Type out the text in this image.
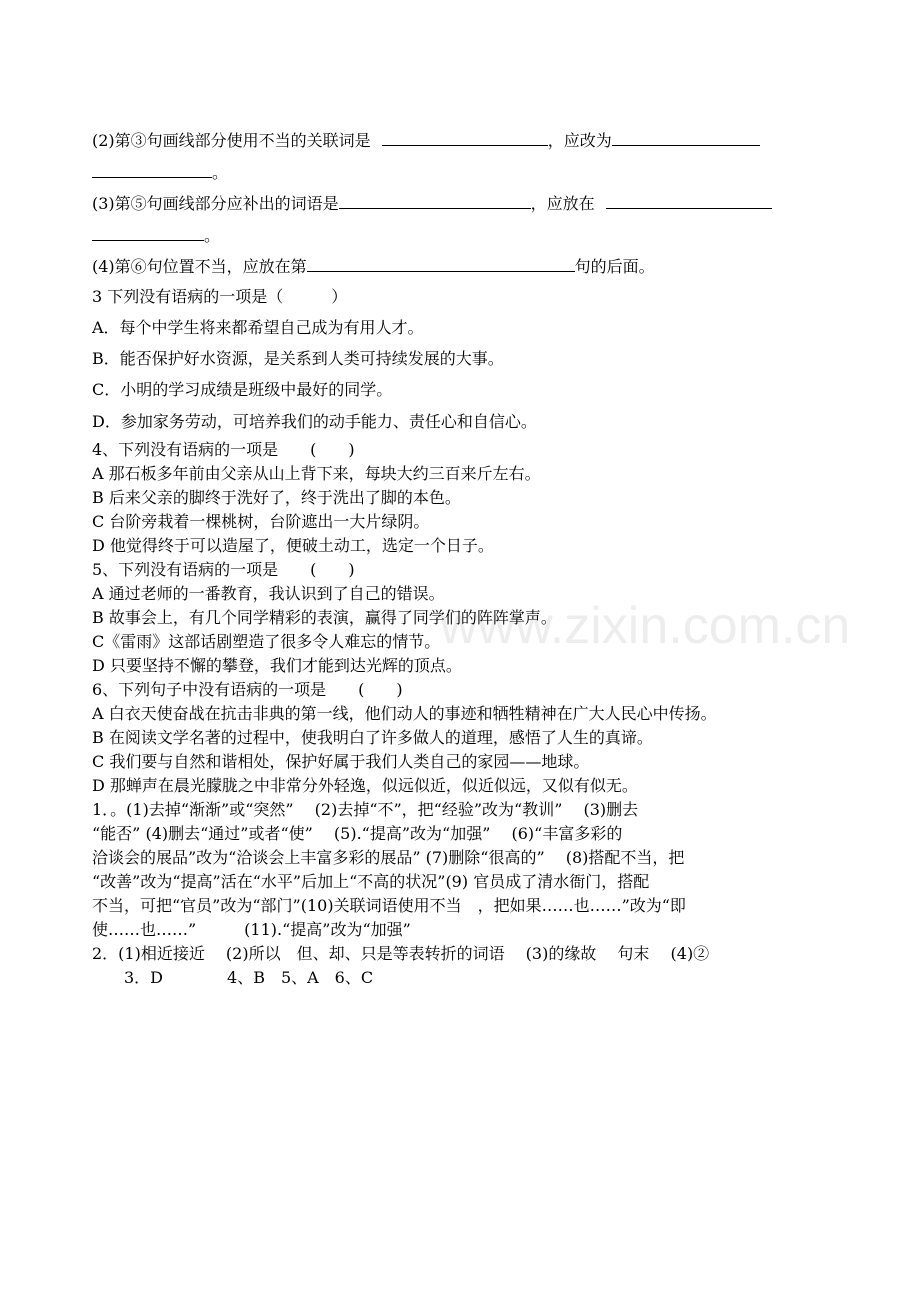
www.zixin.com.cn
(2)第③句画线部分使用不当的关联词是	，应改为
。
(3)第⑤句画线部分应补出的词语是	，应放在
。
(4)第⑥句位置不当，应放在第	句的后面。
3 下列没有语病的一项是（　　　）
A．每个中学生将来都希望自己成为有用人才。
B．能否保护好水资源，是关系到人类可持续发展的大事。
C．小明的学习成绩是班级中最好的同学。
D．参加家务劳动，可培养我们的动手能力、责任心和自信心。
4、下列没有语病的一项是　　(　　)
A 那石板多年前由父亲从山上背下来，每块大约三百来斤左右。
B 后来父亲的脚终于洗好了，终于洗出了脚的本色。
C 台阶旁栽着一棵桃树，台阶遮出一大片绿阴。
D 他觉得终于可以造屋了，便破土动工，选定一个日子。
5、下列没有语病的一项是　　(　　)
A 通过老师的一番教育，我认识到了自己的错误。
B 故事会上，有几个同学精彩的表演，赢得了同学们的阵阵掌声。
C《雷雨》这部话剧塑造了很多令人难忘的情节。
D 只要坚持不懈的攀登，我们才能到达光辉的顶点。
6、下列句子中没有语病的一项是　　(　　)
A 白衣天使奋战在抗击非典的第一线，他们动人的事迹和牺牲精神在广大人民心中传扬。
B 在阅读文学名著的过程中，使我明白了许多做人的道理，感悟了人生的真谛。
C 我们要与自然和谐相处，保护好属于我们人类自己的家园——地球。
D 那蝉声在晨光朦胧之中非常分外轻逸，似远似近，似近似远，又似有似无。
1．。(1)去掉“渐渐”或“突然”　 (2)去掉“不”，把“经验”改为“教训”　 (3)删去
“能否” (4)删去“通过”或者“使”　 (5).“提高”改为“加强”　 (6)“丰富多彩的
洽谈会的展品”改为“洽谈会上丰富多彩的展品” (7)删除“很高的”　 (8)搭配不当，把
“改善”改为“提高”活在“水平”后加上“不高的状况”(9) 官员成了清水衙门，搭配
不当，可把“官员”改为“部门”(10)关联词语使用不当　，把如果……也……”改为“即
使……也……”　　　(11).“提高”改为“加强”
2．(1)相近接近　 (2)所以　但、却、只是等表转折的词语　 (3)的缘故　 句末　 (4)②
　　3．D　　　　4、B　5、A　6、C
